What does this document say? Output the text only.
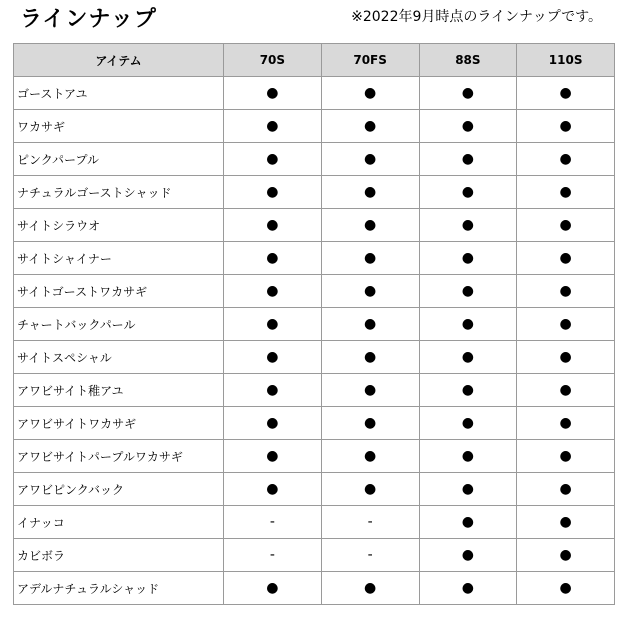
ラインナップ	※2022年9月時点のラインナップです。
アイテム	70S	70FS	88S	110S
ゴーストアユ	●	●	●	●
ワカサギ	●	●	●	●
ピンクパープル	●	●	●	●
ナチュラルゴーストシャッド	●	●	●	●
サイトシラウオ	●	●	●	●
サイトシャイナー	●	●	●	●
サイトゴーストワカサギ	●	●	●	●
チャートバックパール	●	●	●	●
サイトスペシャル	●	●	●	●
アワビサイト稚アユ	●	●	●	●
アワビサイトワカサギ	●	●	●	●
アワビサイトパープルワカサギ	●	●	●	●
アワビピンクバック	●	●	●	●
イナッコ	-	-	●	●
カビボラ	-	-	●	●
アデルナチュラルシャッド	●	●	●	●
